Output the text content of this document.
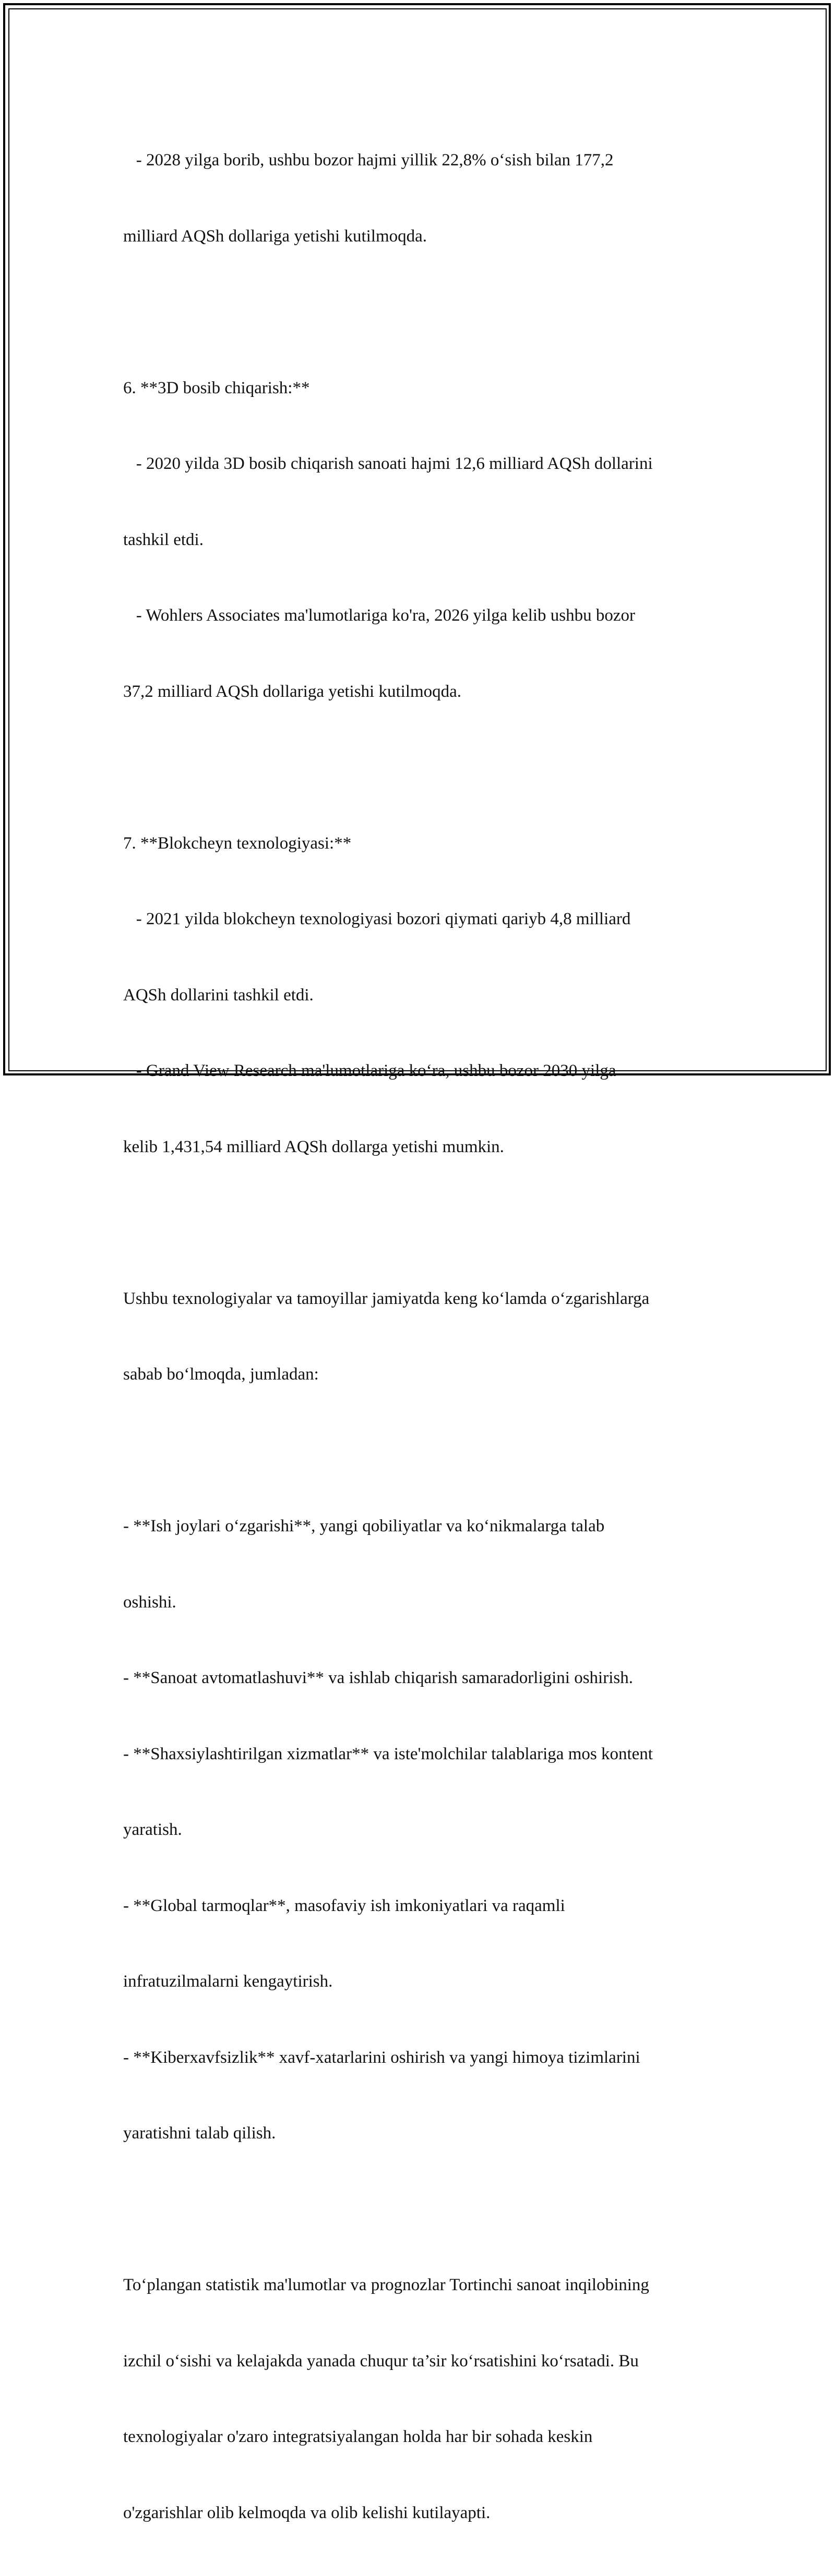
- 2028 yilga borib, ushbu bozor hajmi yillik 22,8% o‘sish bilan 177,2

milliard AQSh dollariga yetishi kutilmoqda.

6. **3D bosib chiqarish:**

- 2020 yilda 3D bosib chiqarish sanoati hajmi 12,6 milliard AQSh dollarini

tashkil etdi.

- Wohlers Associates ma'lumotlariga ko'ra, 2026 yilga kelib ushbu bozor

37,2 milliard AQSh dollariga yetishi kutilmoqda.

7. **Blokcheyn texnologiyasi:**

- 2021 yilda blokcheyn texnologiyasi bozori qiymati qariyb 4,8 milliard

AQSh dollarini tashkil etdi.

- Grand View Research ma'lumotlariga ko‘ra, ushbu bozor 2030 yilga

kelib 1,431,54 milliard AQSh dollarga yetishi mumkin.

Ushbu texnologiyalar va tamoyillar jamiyatda keng ko‘lamda o‘zgarishlarga

sabab bo‘lmoqda, jumladan:

- **Ish joylari o‘zgarishi**, yangi qobiliyatlar va ko‘nikmalarga talab

oshishi.

- **Sanoat avtomatlashuvi** va ishlab chiqarish samaradorligini oshirish.

- **Shaxsiylashtirilgan xizmatlar** va iste'molchilar talablariga mos kontent

yaratish.

- **Global tarmoqlar**, masofaviy ish imkoniyatlari va raqamli

infratuzilmalarni kengaytirish.

- **Kiberxavfsizlik** xavf-xatarlarini oshirish va yangi himoya tizimlarini

yaratishni talab qilish.

To‘plangan statistik ma'lumotlar va prognozlar Tortinchi sanoat inqilobining

izchil o‘sishi va kelajakda yanada chuqur ta’sir ko‘rsatishini ko‘rsatadi. Bu

texnologiyalar o'zaro integratsiyalangan holda har bir sohada keskin

o'zgarishlar olib kelmoqda va olib kelishi kutilayapti.
